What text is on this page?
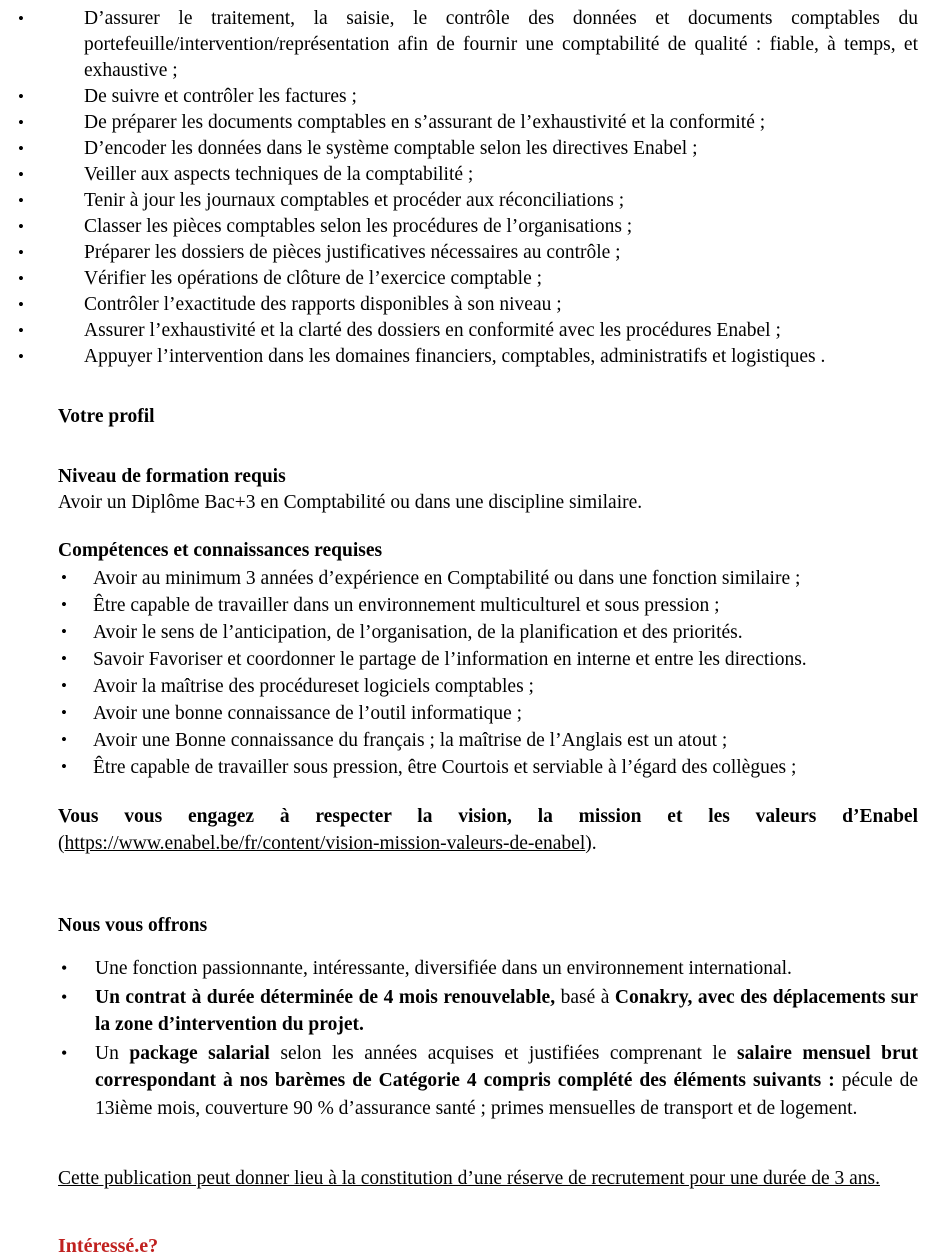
• D’assurer le traitement, la saisie, le contrôle des données et documents comptables du portefeuille/intervention/représentation afin de fournir une comptabilité de qualité : fiable, à temps, et exhaustive ;
• De suivre et contrôler les factures ;
• De préparer les documents comptables en s’assurant de l’exhaustivité et la conformité ;
• D’encoder les données dans le système comptable selon les directives Enabel ;
• Veiller aux aspects techniques de la comptabilité ;
• Tenir à jour les journaux comptables et procéder aux réconciliations ;
• Classer les pièces comptables selon les procédures de l’organisations ;
• Préparer les dossiers de pièces justificatives nécessaires au contrôle ;
• Vérifier les opérations de clôture de l’exercice comptable ;
• Contrôler l’exactitude des rapports disponibles à son niveau ;
• Assurer l’exhaustivité et la clarté des dossiers en conformité avec les procédures Enabel ;
• Appuyer l’intervention dans les domaines financiers, comptables, administratifs et logistiques .
Votre profil
Niveau de formation requis

Avoir un Diplôme Bac+3 en Comptabilité ou dans une discipline similaire.

Compétences et connaissances requises
• Avoir au minimum 3 années d’expérience en Comptabilité ou dans une fonction similaire ;
• Être capable de travailler dans un environnement multiculturel et sous pression ;
• Avoir le sens de l’anticipation, de l’organisation, de la planification et des priorités.
• Savoir Favoriser et coordonner le partage de l’information en interne et entre les directions.
• Avoir la maîtrise des procédureset logiciels comptables ;
• Avoir une bonne connaissance de l’outil informatique ;
• Avoir une Bonne connaissance du français ; la maîtrise de l’Anglais est un atout ;
• Être capable de travailler sous pression, être Courtois et serviable à l’égard des collègues ;
Vous vous engagez à respecter la vision, la mission et les valeurs d’Enabel
(https://www.enabel.be/fr/content/vision-mission-valeurs-de-enabel).
Nous vous offrons
• Une fonction passionnante, intéressante, diversifiée dans un environnement international.
• Un contrat à durée déterminée de 4 mois renouvelable, basé à Conakry, avec des déplacements sur la zone d’intervention du projet.
• Un package salarial selon les années acquises et justifiées comprenant le salaire mensuel brut correspondant à nos barèmes de Catégorie 4 compris complété des éléments suivants : pécule de 13ième mois, couverture 90 % d’assurance santé ; primes mensuelles de transport et de logement.

Cette publication peut donner lieu à la constitution d’une réserve de recrutement pour une durée de 3 ans.

Intéressé.e?
